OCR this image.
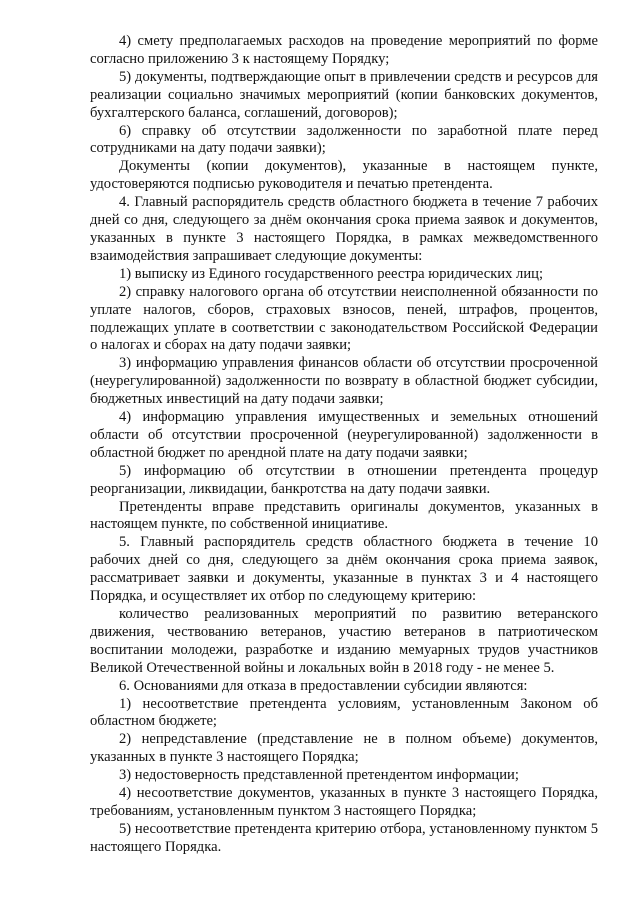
4) смету предполагаемых расходов на проведение мероприятий по форме согласно приложению 3 к настоящему Порядку;

5) документы, подтверждающие опыт в привлечении средств и ресурсов для реализации социально значимых мероприятий (копии банковских документов, бухгалтерского баланса, соглашений, договоров);

6) справку об отсутствии задолженности по заработной плате перед сотрудниками на дату подачи заявки);

Документы (копии документов), указанные в настоящем пункте, удостоверяются подписью руководителя и печатью претендента.

4. Главный распорядитель средств областного бюджета в течение 7 рабочих дней со дня, следующего за днём окончания срока приема заявок и документов, указанных в пункте 3 настоящего Порядка, в рамках межведомственного взаимодействия запрашивает следующие документы:

1) выписку из Единого государственного реестра юридических лиц;

2) справку налогового органа об отсутствии неисполненной обязанности по уплате налогов, сборов, страховых взносов, пеней, штрафов, процентов, подлежащих уплате в соответствии с законодательством Российской Федерации о налогах и сборах на дату подачи заявки;

3) информацию управления финансов области об отсутствии просроченной (неурегулированной) задолженности по возврату в областной бюджет субсидии, бюджетных инвестиций на дату подачи заявки;

4) информацию управления имущественных и земельных отношений области об отсутствии просроченной (неурегулированной) задолженности в областной бюджет по арендной плате на дату подачи заявки;

5) информацию об отсутствии в отношении претендента процедур реорганизации, ликвидации, банкротства на дату подачи заявки.

Претенденты вправе представить оригиналы документов, указанных в настоящем пункте, по собственной инициативе.

5. Главный распорядитель средств областного бюджета в течение 10 рабочих дней со дня, следующего за днём окончания срока приема заявок, рассматривает заявки и документы, указанные в пунктах 3 и 4 настоящего Порядка, и осуществляет их отбор по следующему критерию:

количество реализованных мероприятий по развитию ветеранского движения, чествованию ветеранов, участию ветеранов в патриотическом воспитании молодежи, разработке и изданию мемуарных трудов участников Великой Отечественной войны и локальных войн в 2018 году - не менее 5.

6. Основаниями для отказа в предоставлении субсидии являются:

1) несоответствие претендента условиям, установленным Законом об областном бюджете;

2) непредставление (представление не в полном объеме) документов, указанных в пункте 3 настоящего Порядка;

3) недостоверность представленной претендентом информации;

4) несоответствие документов, указанных в пункте 3 настоящего Порядка, требованиям, установленным пунктом 3 настоящего Порядка;

5) несоответствие претендента критерию отбора, установленному пунктом 5 настоящего Порядка.
